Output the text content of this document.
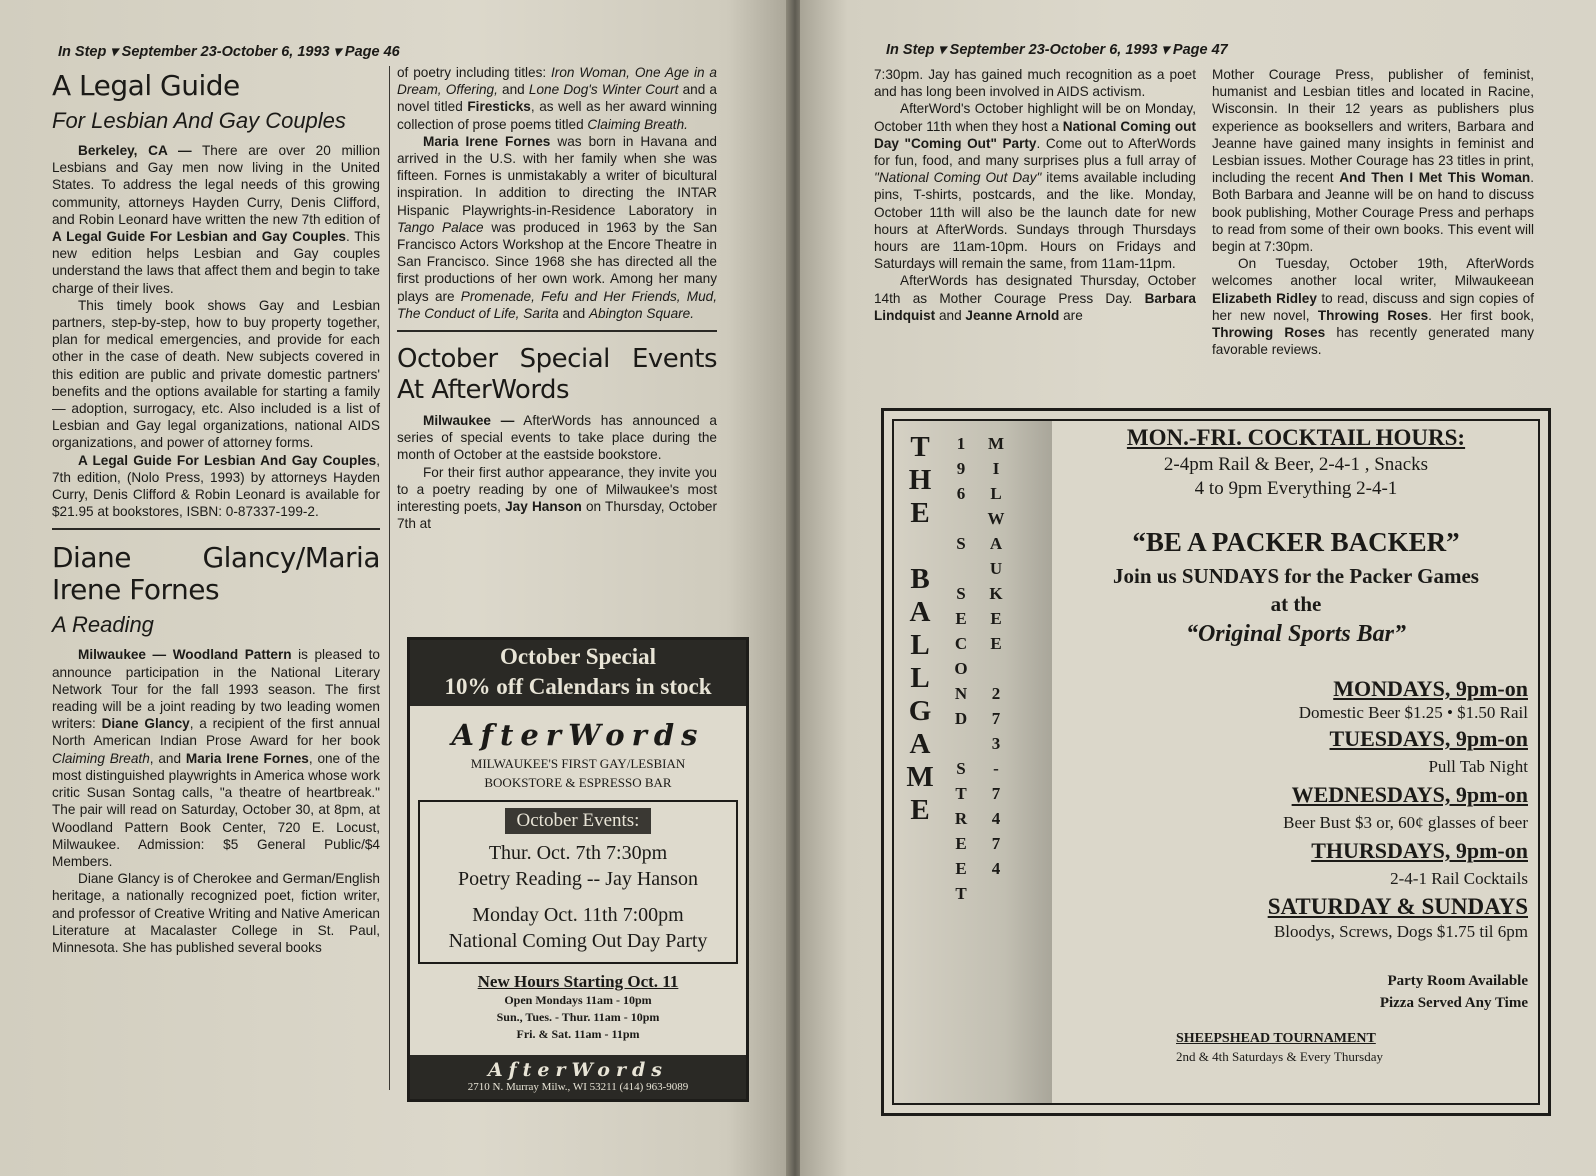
In Step ▾ September 23-October 6, 1993 ▾ Page 46
A Legal Guide
For Lesbian And Gay Couples

Berkeley, CA — There are over 20 million Lesbians and Gay men now living in the United States. To address the legal needs of this growing community, attorneys Hayden Curry, Denis Clifford, and Robin Leonard have written the new 7th edition of A Legal Guide For Lesbian and Gay Couples. This new edition helps Lesbian and Gay couples understand the laws that affect them and begin to take charge of their lives.

This timely book shows Gay and Lesbian partners, step-by-step, how to buy property together, plan for medical emergencies, and provide for each other in the case of death. New subjects covered in this edition are public and private domestic partners' benefits and the options available for starting a family — adoption, surrogacy, etc. Also included is a list of Lesbian and Gay legal organizations, national AIDS organizations, and power of attorney forms.

A Legal Guide For Lesbian And Gay Couples, 7th edition, (Nolo Press, 1993) by attorneys Hayden Curry, Denis Clifford & Robin Leonard is available for $21.95 at bookstores, ISBN: 0-87337-199-2.

Diane Glancy/Maria Irene Fornes
A Reading

Milwaukee — Woodland Pattern is pleased to announce participation in the National Literary Network Tour for the fall 1993 season. The first reading will be a joint reading by two leading women writers: Diane Glancy, a recipient of the first annual North American Indian Prose Award for her book Claiming Breath, and Maria Irene Fornes, one of the most distinguished playwrights in America whose work critic Susan Sontag calls, "a theatre of heartbreak." The pair will read on Saturday, October 30, at 8pm, at Woodland Pattern Book Center, 720 E. Locust, Milwaukee. Admission: $5 General Public/$4 Members.

Diane Glancy is of Cherokee and German/English heritage, a nationally recognized poet, fiction writer, and professor of Creative Writing and Native American Literature at Macalaster College in St. Paul, Minnesota. She has published several books

of poetry including titles: Iron Woman, One Age in a Dream, Offering, and Lone Dog's Winter Court and a novel titled Firesticks, as well as her award winning collection of prose poems titled Claiming Breath.

Maria Irene Fornes was born in Havana and arrived in the U.S. with her family when she was fifteen. Fornes is unmistakably a writer of bicultural inspiration. In addition to directing the INTAR Hispanic Playwrights-in-Residence Laboratory in Tango Palace was produced in 1963 by the San Francisco Actors Workshop at the Encore Theatre in San Francisco. Since 1968 she has directed all the first productions of her own work. Among her many plays are Promenade, Fefu and Her Friends, Mud, The Conduct of Life, Sarita and Abington Square.

October Special Events At AfterWords

Milwaukee — AfterWords has announced a series of special events to take place during the month of October at the eastside bookstore.

For their first author appearance, they invite you to a poetry reading by one of Milwaukee's most interesting poets, Jay Hanson on Thursday, October 7th at

October Special
10% off Calendars in stock
AfterWords
MILWAUKEE'S FIRST GAY/LESBIAN
BOOKSTORE & ESPRESSO BAR
October Events:
Thur. Oct. 7th 7:30pm
Poetry Reading -- Jay Hanson
Monday Oct. 11th 7:00pm
National Coming Out Day Party
New Hours Starting Oct. 11
Open Mondays 11am - 10pm
Sun., Tues. - Thur. 11am - 10pm
Fri. & Sat. 11am - 11pm
AfterWords
2710 N. Murray Milw., WI 53211 (414) 963-9089
In Step ▾ September 23-October 6, 1993 ▾ Page 47

7:30pm. Jay has gained much recognition as a poet and has long been involved in AIDS activism.

AfterWord's October highlight will be on Monday, October 11th when they host a National Coming out Day "Coming Out" Party. Come out to AfterWords for fun, food, and many surprises plus a full array of "National Coming Out Day" items available including pins, T-shirts, postcards, and the like. Monday, October 11th will also be the launch date for new hours at AfterWords. Sundays through Thursdays hours are 11am-10pm. Hours on Fridays and Saturdays will remain the same, from 11am-11pm.

AfterWords has designated Thursday, October 14th as Mother Courage Press Day. Barbara Lindquist and Jeanne Arnold are

Mother Courage Press, publisher of feminist, humanist and Lesbian titles and located in Racine, Wisconsin. In their 12 years as publishers plus experience as booksellers and writers, Barbara and Jeanne have gained many insights in feminist and Lesbian issues. Mother Courage has 23 titles in print, including the recent And Then I Met This Woman. Both Barbara and Jeanne will be on hand to discuss book publishing, Mother Courage Press and perhaps to read from some of their own books. This event will begin at 7:30pm.

On Tuesday, October 19th, AfterWords welcomes another local writer, Milwaukeean Elizabeth Ridley to read, discuss and sign copies of her new novel, Throwing Roses. Her first book, Throwing Roses has recently generated many favorable reviews.

T
H
E

B
A
L
L
G
A
M
E
1
9
6

S

S
E
C
O
N
D

S
T
R
E
E
T
M
I
L
W
A
U
K
E
E

2
7
3
-
7
4
7
4
MON.-FRI. COCKTAIL HOURS:
2-4pm Rail & Beer, 2-4-1 , Snacks
4 to 9pm Everything 2-4-1
“BE A PACKER BACKER”
Join us SUNDAYS for the Packer Games
at the
“Original Sports Bar”
MONDAYS, 9pm-on
Domestic Beer $1.25 • $1.50 Rail
TUESDAYS, 9pm-on
Pull Tab Night
WEDNESDAYS, 9pm-on
Beer Bust $3 or, 60¢ glasses of beer
THURSDAYS, 9pm-on
2-4-1 Rail Cocktails
SATURDAY & SUNDAYS
Bloodys, Screws, Dogs $1.75 til 6pm
Party Room Available
Pizza Served Any Time
SHEEPSHEAD TOURNAMENT
2nd & 4th Saturdays & Every Thursday
